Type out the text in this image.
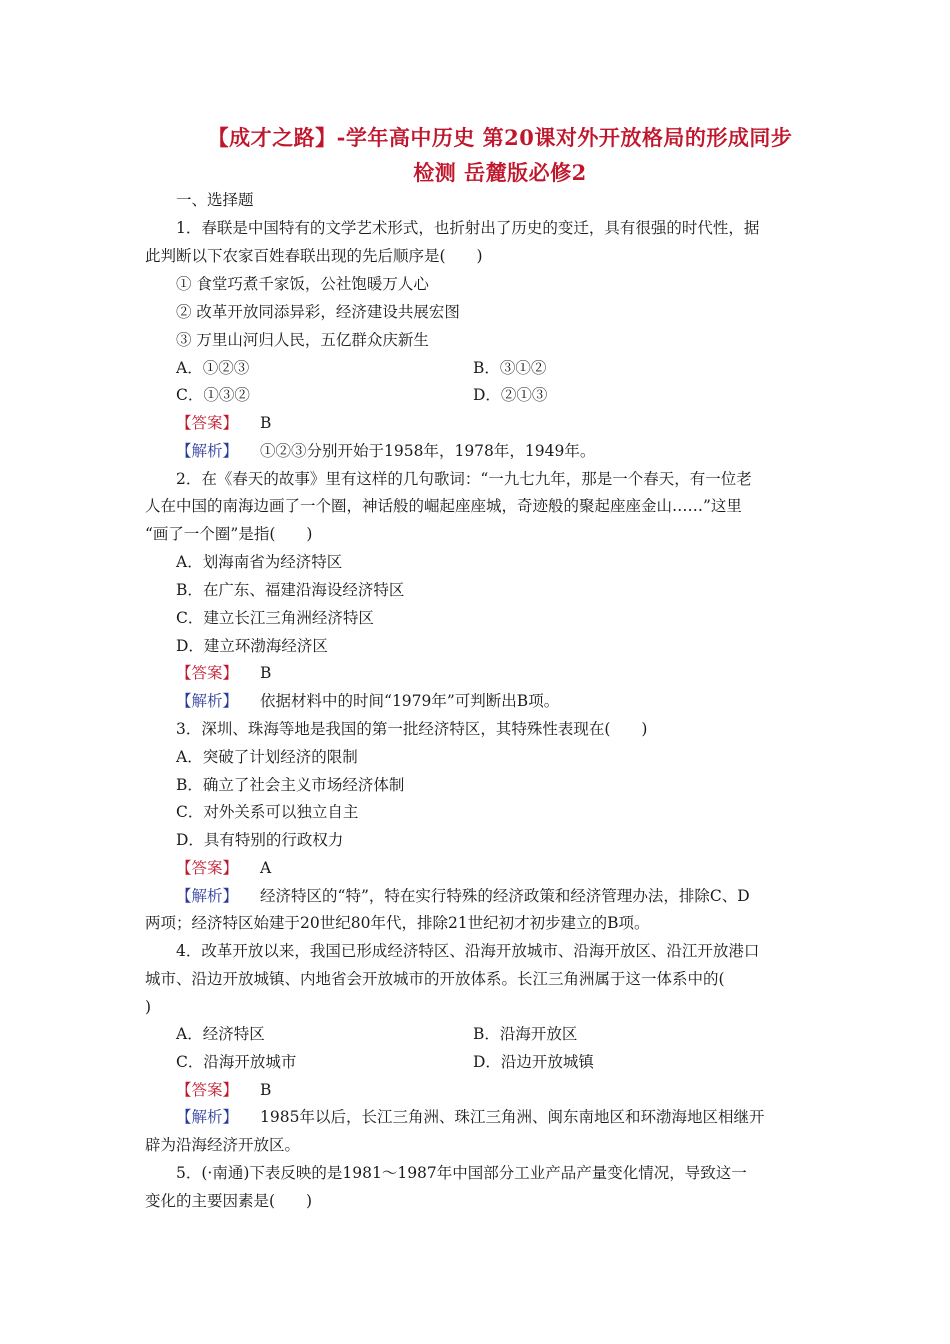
【成才之路】-学年高中历史 第20课对外开放格局的形成同步
检测 岳麓版必修2
一、选择题
1．春联是中国特有的文学艺术形式，也折射出了历史的变迁，具有很强的时代性，据
此判断以下农家百姓春联出现的先后顺序是(　　)
① 食堂巧煮千家饭，公社饱暖万人心
② 改革开放同添异彩，经济建设共展宏图
③ 万里山河归人民，五亿群众庆新生
A．①②③	B．③①②
C．①③②	D．②①③
【答案】 B
【解析】 ①②③分别开始于1958年，1978年，1949年。
2．在《春天的故事》里有这样的几句歌词：“一九七九年，那是一个春天，有一位老
人在中国的南海边画了一个圈，神话般的崛起座座城，奇迹般的聚起座座金山……”这里
“画了一个圈”是指(　　)
A．划海南省为经济特区
B．在广东、福建沿海设经济特区
C．建立长江三角洲经济特区
D．建立环渤海经济区
【答案】 B
【解析】 依据材料中的时间“1979年”可判断出B项。
3．深圳、珠海等地是我国的第一批经济特区，其特殊性表现在(　　)
A．突破了计划经济的限制
B．确立了社会主义市场经济体制
C．对外关系可以独立自主
D．具有特别的行政权力
【答案】 A
【解析】 经济特区的“特”，特在实行特殊的经济政策和经济管理办法，排除C、D
两项；经济特区始建于20世纪80年代，排除21世纪初才初步建立的B项。
4．改革开放以来，我国已形成经济特区、沿海开放城市、沿海开放区、沿江开放港口
城市、沿边开放城镇、内地省会开放城市的开放体系。长江三角洲属于这一体系中的(
)
A．经济特区	B．沿海开放区
C．沿海开放城市	D．沿边开放城镇
【答案】 B
【解析】 1985年以后，长江三角洲、珠江三角洲、闽东南地区和环渤海地区相继开
辟为沿海经济开放区。
5．(·南通)下表反映的是1981～1987年中国部分工业产品产量变化情况，导致这一
变化的主要因素是(　　)
